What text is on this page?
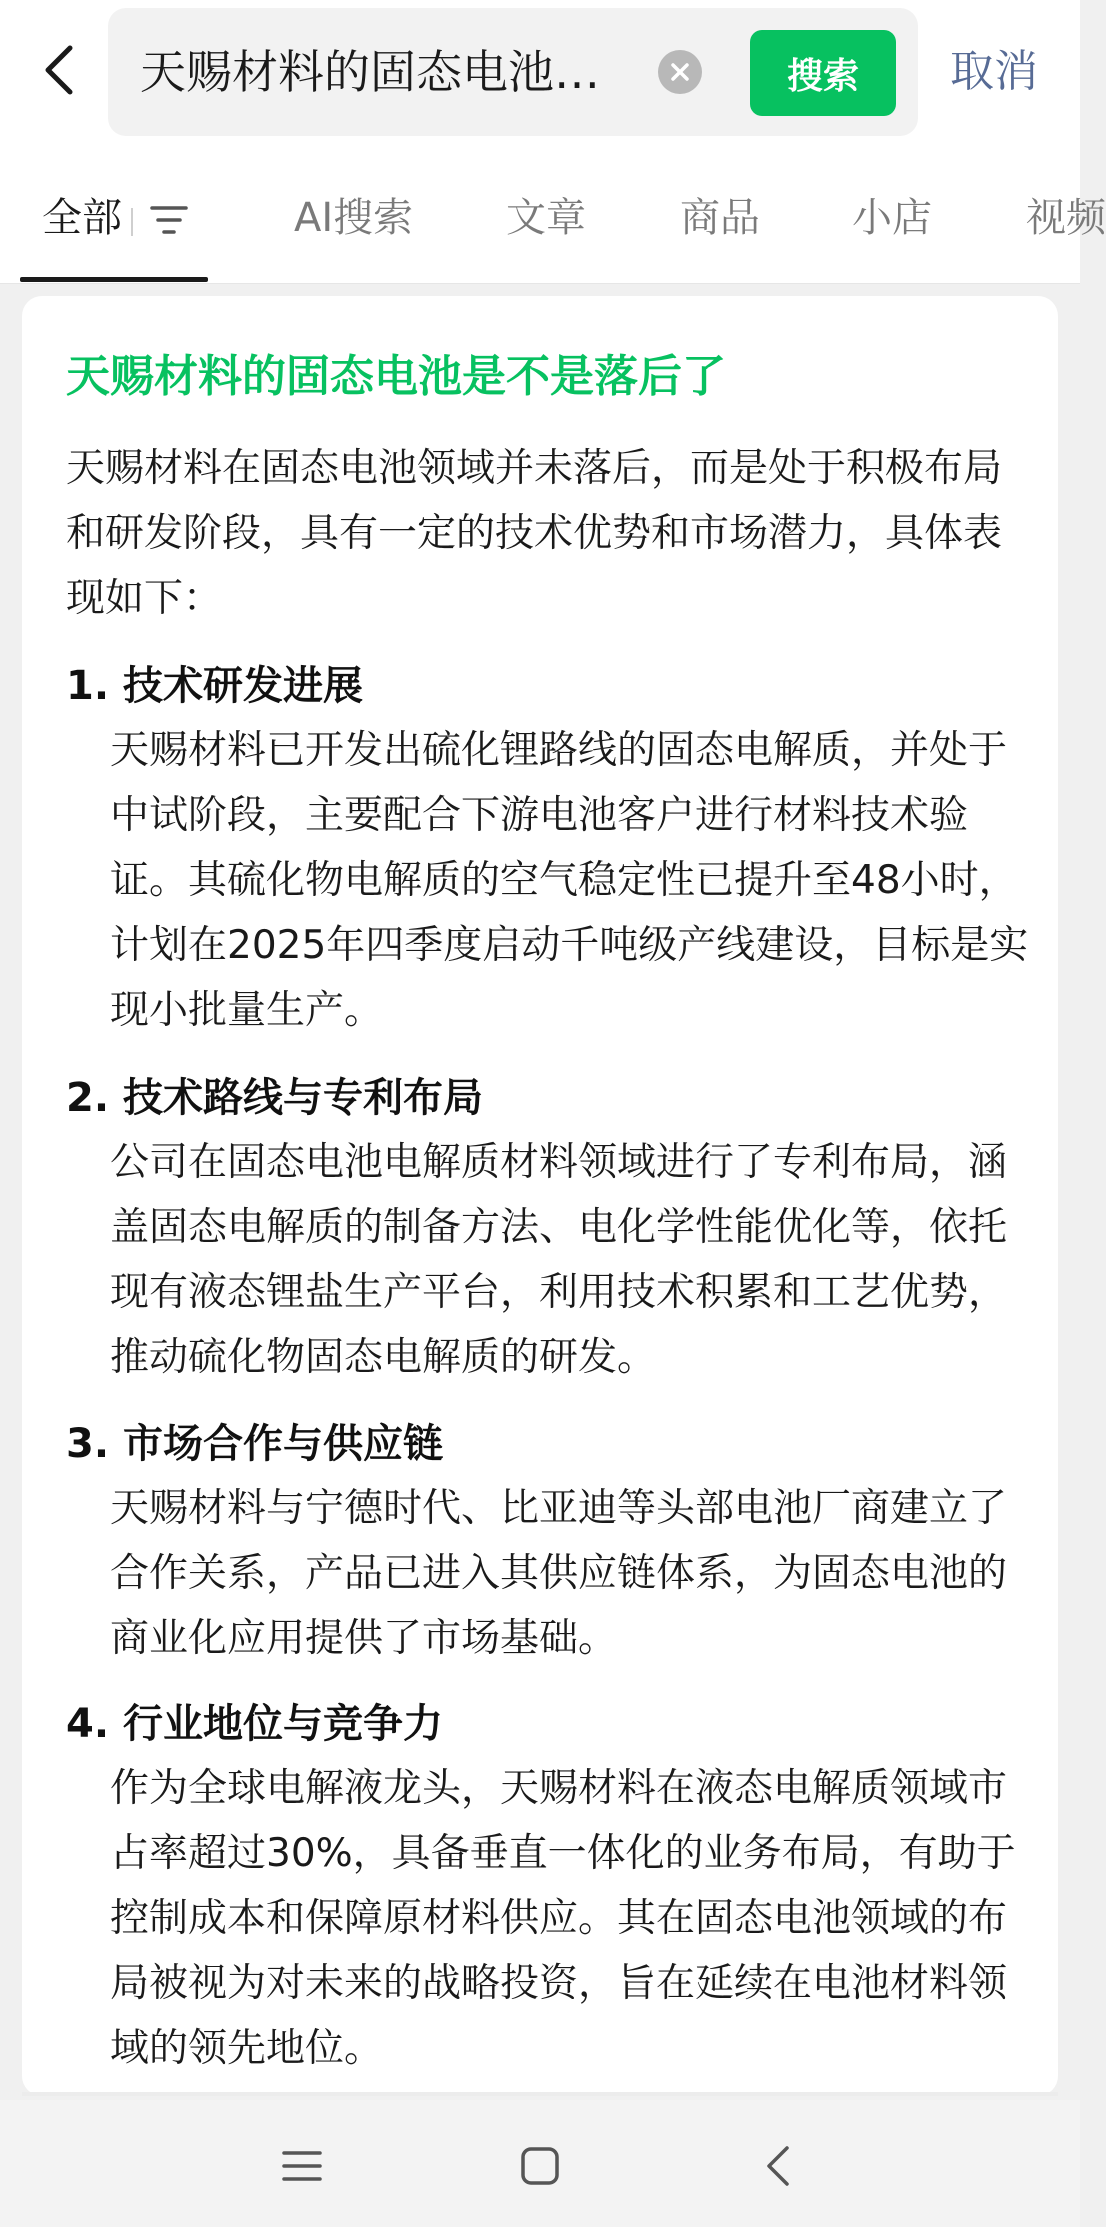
天赐材料的固态电池…	搜索	取消
全部	AI搜索 文章 商品 小店 视频
天赐材料的固态电池是不是落后了
天赐材料在固态电池领域并未落后，而是处于积极布局和研发阶段，具有一定的技术优势和市场潜力，具体表现如下：
1. 技术研发进展
天赐材料已开发出硫化锂路线的固态电解质，并处于中试阶段，主要配合下游电池客户进行材料技术验证。其硫化物电解质的空气稳定性已提升至48小时，计划在2025年四季度启动千吨级产线建设，目标是实现小批量生产。
2. 技术路线与专利布局
公司在固态电池电解质材料领域进行了专利布局，涵盖固态电解质的制备方法、电化学性能优化等，依托现有液态锂盐生产平台，利用技术积累和工艺优势，推动硫化物固态电解质的研发。
3. 市场合作与供应链
天赐材料与宁德时代、比亚迪等头部电池厂商建立了合作关系，产品已进入其供应链体系，为固态电池的商业化应用提供了市场基础。
4. 行业地位与竞争力
作为全球电解液龙头，天赐材料在液态电解质领域市占率超过30%，具备垂直一体化的业务布局，有助于控制成本和保障原材料供应。其在固态电池领域的布局被视为对未来的战略投资，旨在延续在电池材料领域的领先地位。
